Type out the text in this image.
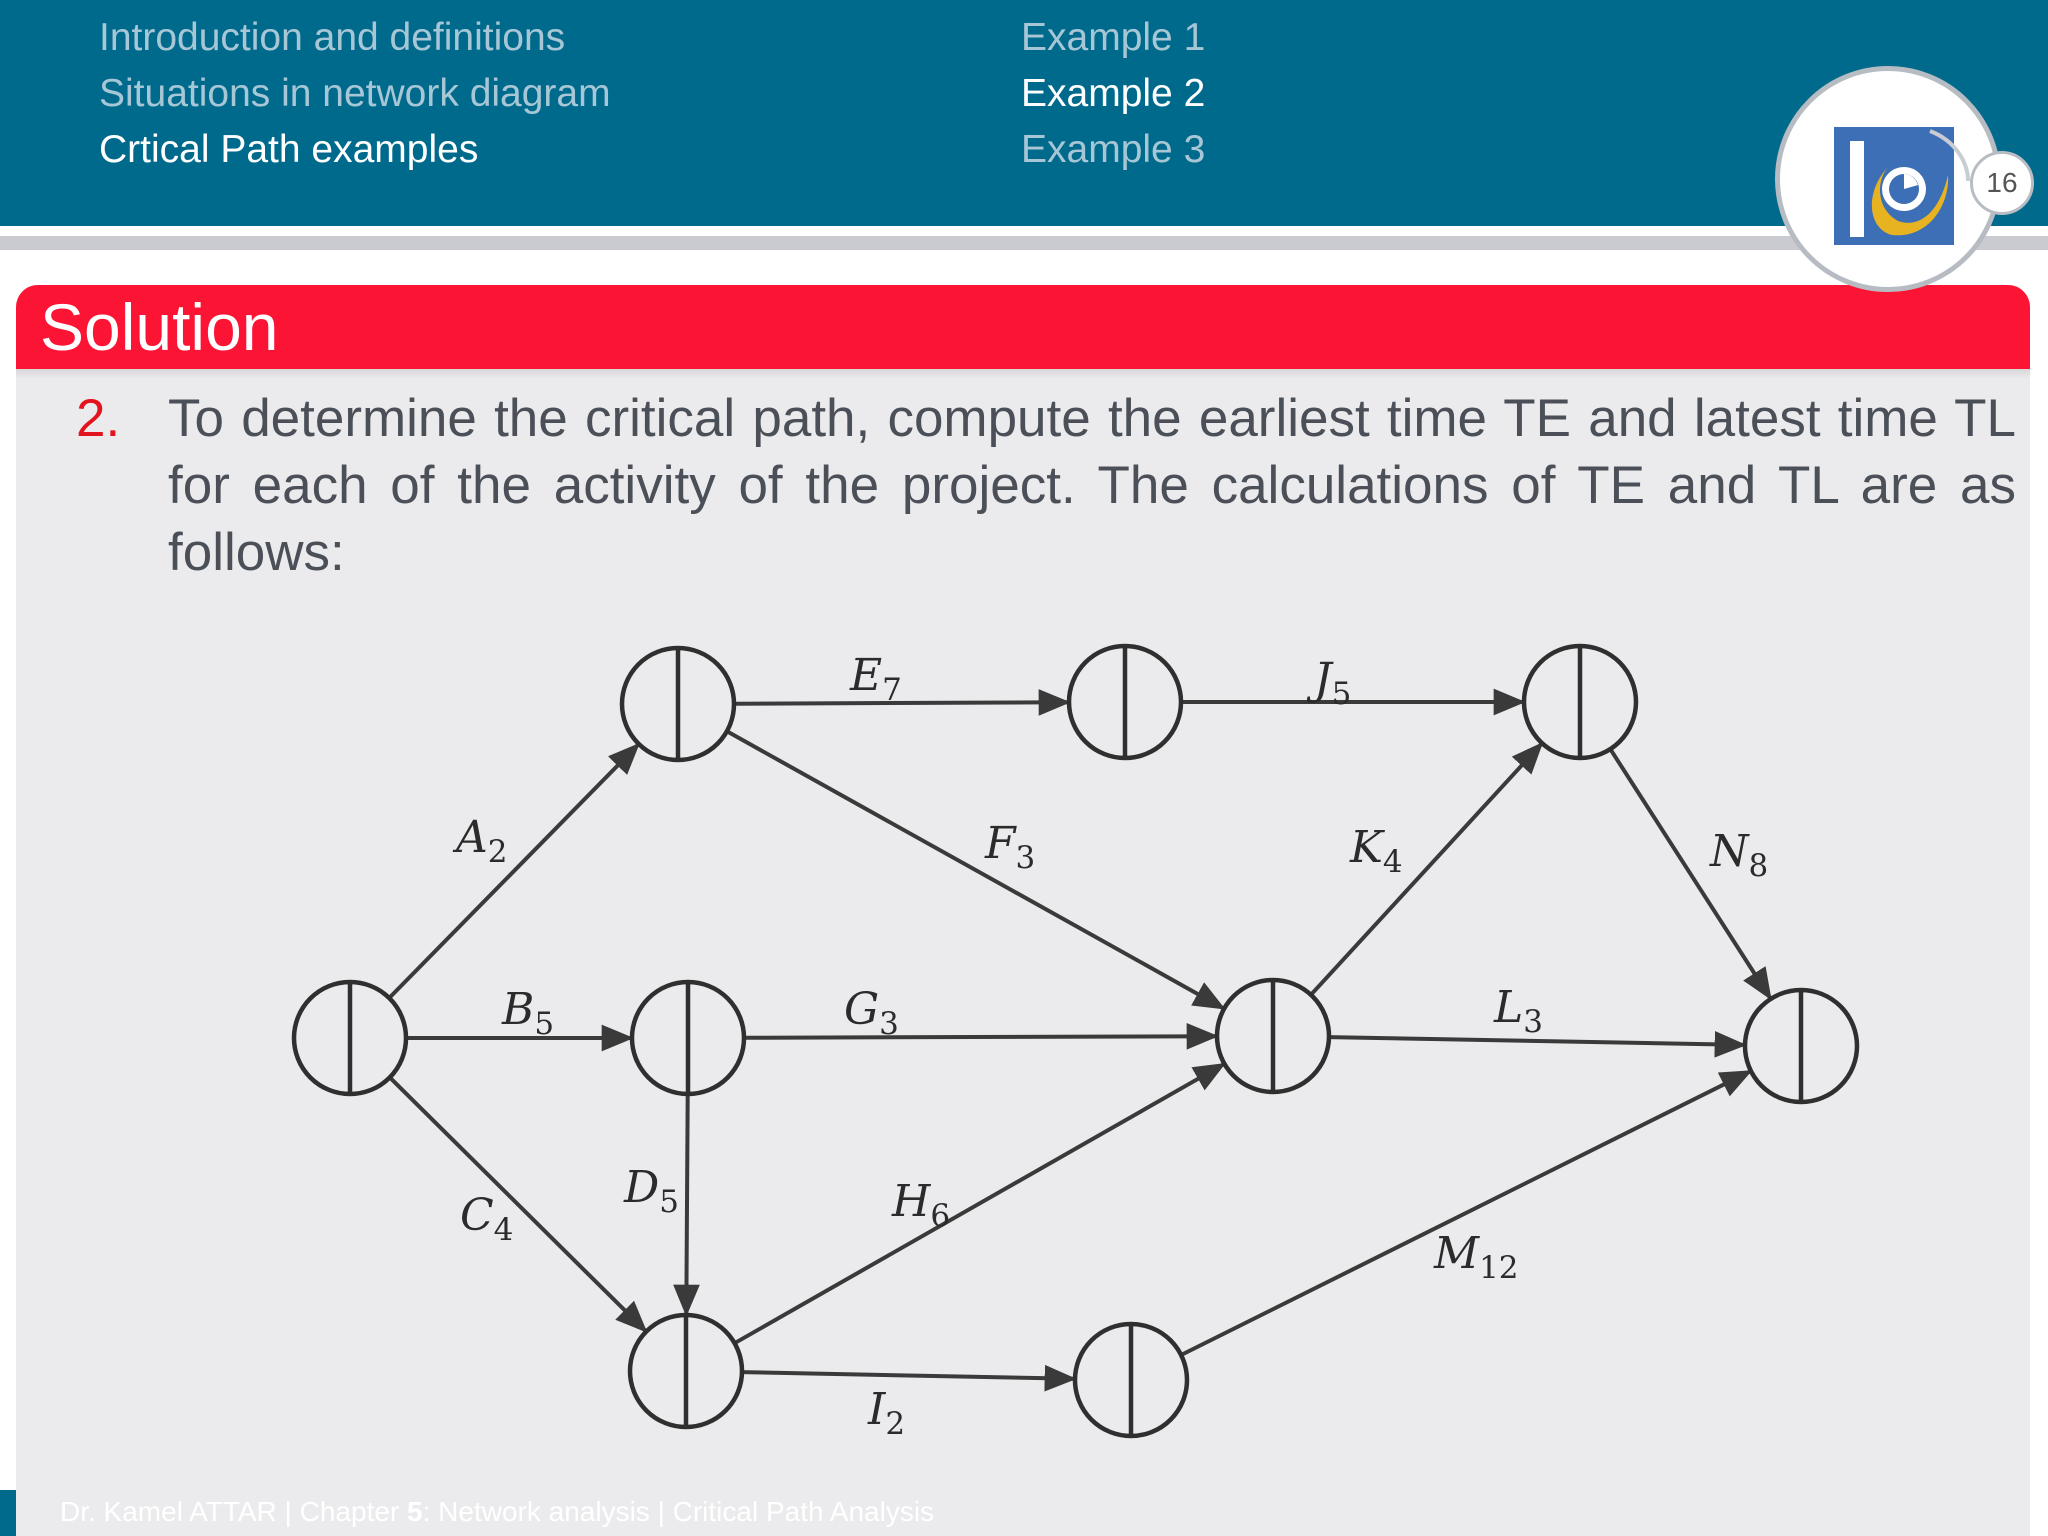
Introduction and definitions
Situations in network diagram
Crtical Path examples
Example 1
Example 2
Example 3
Solution
2. To determine the critical path, compute the earliest time TE and latest time TL for each of the activity of the project. The calculations of TE and TL are as follows:
16
$A_2$
$B_5$
$C_4$
$D_5$
$E_7$
$F_3$
$G_3$
$H_6$
$I_2$
$J_5$
$K_4$
$L_3$
$M_{12}$
$N_8$
Dr. Kamel ATTAR | Chapter 5: Network analysis | Critical Path Analysis
